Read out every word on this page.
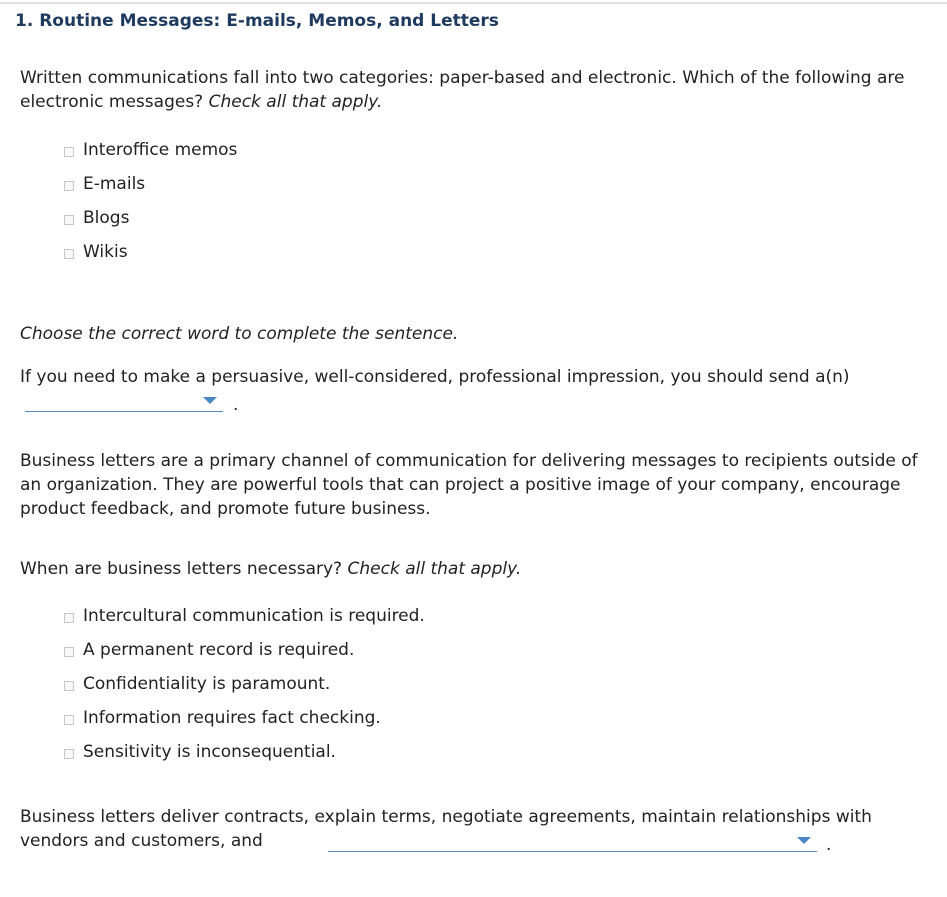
1. Routine Messages: E-mails, Memos, and Letters

Written communications fall into two categories: paper-based and electronic. Which of the following are electronic messages? Check all that apply.

Interoffice memos
E-mails
Blogs
Wikis

Choose the correct word to complete the sentence.

If you need to make a persuasive, well-considered, professional impression, you should send a(n)

.

Business letters are a primary channel of communication for delivering messages to recipients outside of an organization. They are powerful tools that can project a positive image of your company, encourage product feedback, and promote future business.

When are business letters necessary? Check all that apply.

Intercultural communication is required.
A permanent record is required.
Confidentiality is paramount.
Information requires fact checking.
Sensitivity is inconsequential.

Business letters deliver contracts, explain terms, negotiate agreements, maintain relationships with vendors and customers, and	.
